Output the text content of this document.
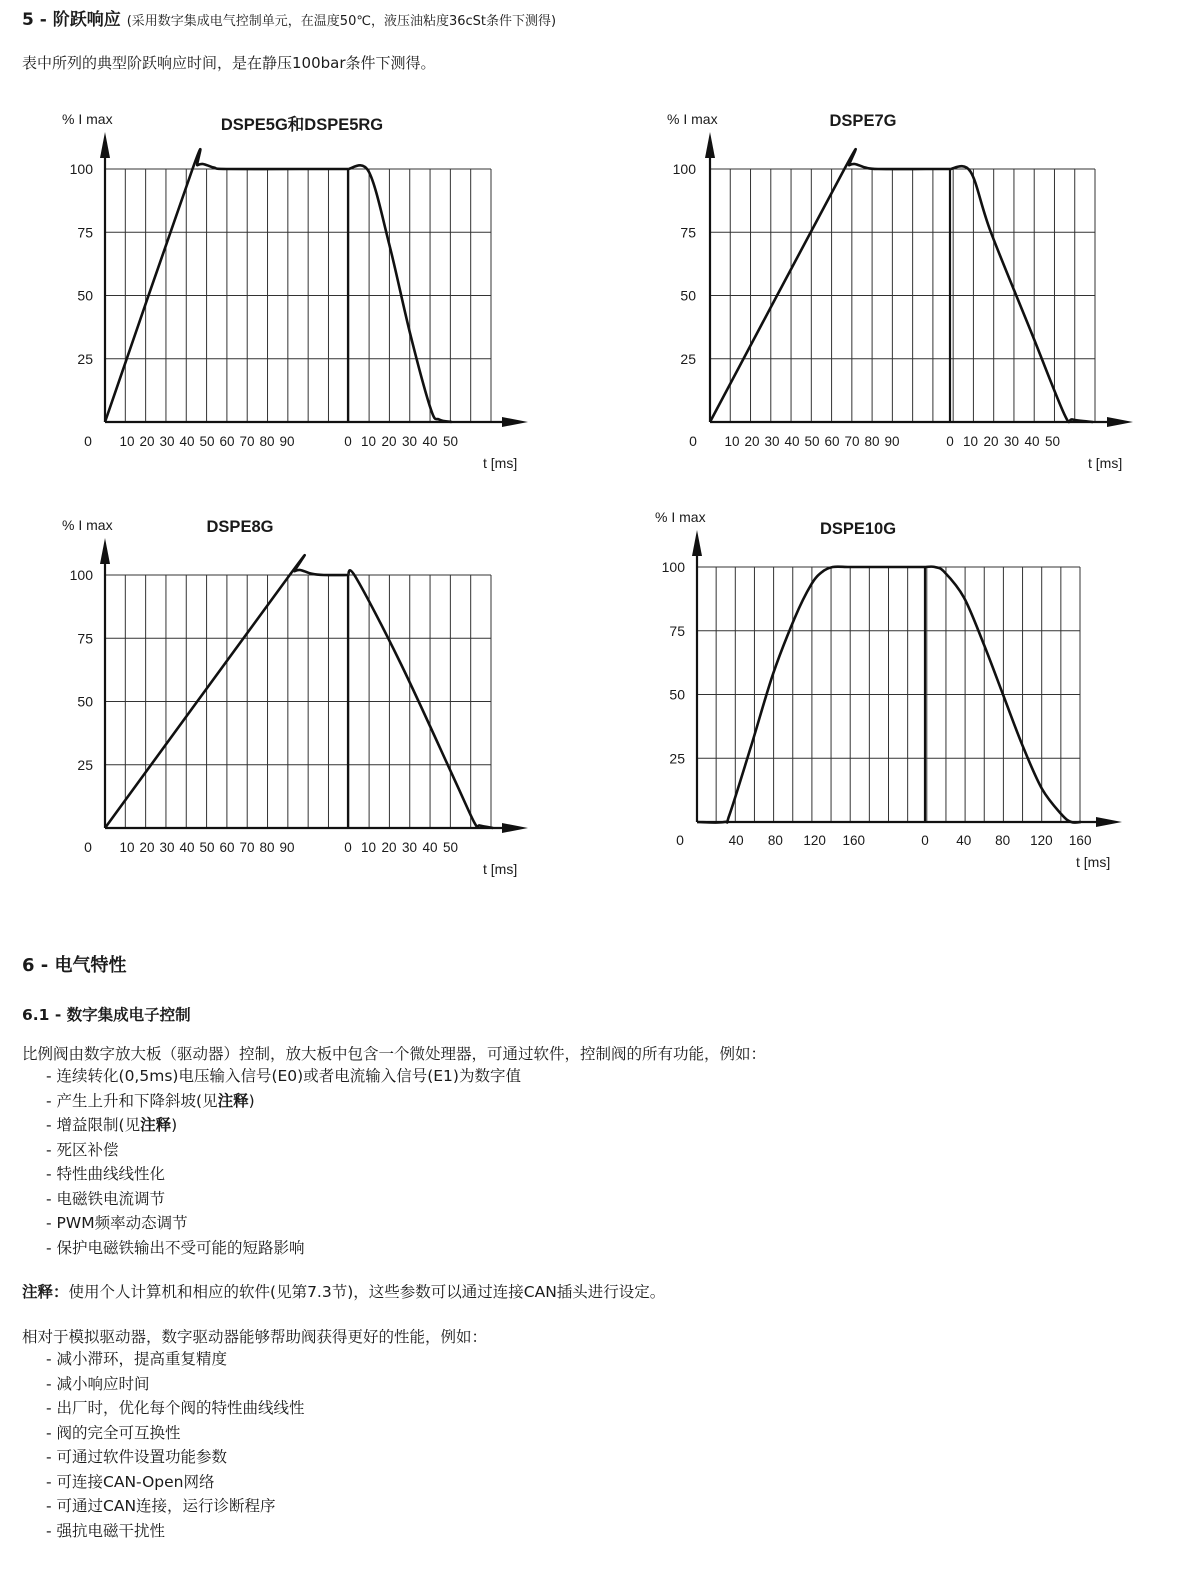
5 - 阶跃响应 (采用数字集成电气控制单元，在温度50℃，液压油粘度36cSt条件下测得)
表中所列的典型阶跃响应时间，是在静压100bar条件下测得。
25
50
75
100
0 10 20 30 40 50 60 70 80 90	0 10 20 30 40 50
DSPE5G和DSPE5RG
% I max
t [ms]
25
50
75
100
0 10 20 30 40 50 60 70 80 90	0 10 20 30 40 50
DSPE7G
% I max
t [ms]
25
50
75
100
0 10 20 30 40 50 60 70 80 90	0 10 20 30 40 50
DSPE8G
% I max
t [ms]
25
50
75
100
0	40 80 120 160	0 40 80 120 160
DSPE10G
% I max
t [ms]
6 - 电气特性
6.1 - 数字集成电子控制
比例阀由数字放大板（驱动器）控制，放大板中包含一个微处理器，可通过软件，控制阀的所有功能，例如：
- 连续转化(0,5ms)电压输入信号(E0)或者电流输入信号(E1)为数字值
- 产生上升和下降斜坡(见注释)
- 增益限制(见注释)
- 死区补偿
- 特性曲线线性化
- 电磁铁电流调节
- PWM频率动态调节
- 保护电磁铁输出不受可能的短路影响
注释：使用个人计算机和相应的软件(见第7.3节)，这些参数可以通过连接CAN插头进行设定。
相对于模拟驱动器，数字驱动器能够帮助阀获得更好的性能，例如：
- 减小滞环，提高重复精度
- 减小响应时间
- 出厂时，优化每个阀的特性曲线线性
- 阀的完全可互换性
- 可通过软件设置功能参数
- 可连接CAN-Open网络
- 可通过CAN连接，运行诊断程序
- 强抗电磁干扰性
